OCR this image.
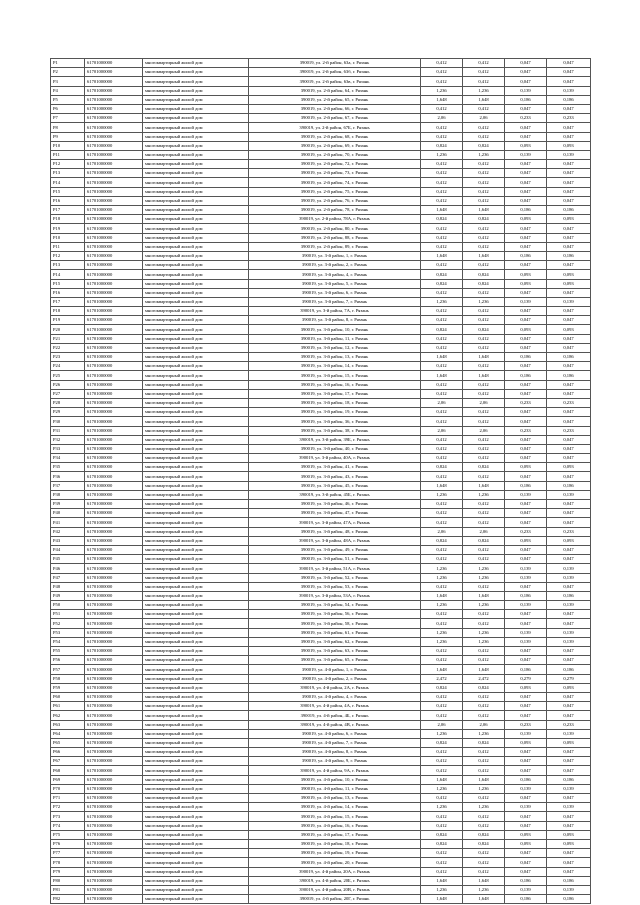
Р1	61701000000	многоквартирный жилой дом	390019, ул. 2-й район, 63а, г. Рязань	0,412	0,412	0,047	0,047
Р2	61701000000	многоквартирный жилой дом	390019, ул. 2-й район, 63б, г. Рязань	0,412	0,412	0,047	0,047
Р3	61701000000	многоквартирный жилой дом	390019, ул. 2-й район, 63в, г. Рязань	0,412	0,412	0,047	0,047
Р4	61701000000	многоквартирный жилой дом	390019, ул. 2-й район, 64, г. Рязань	1,236	1,236	0,139	0,139
Р5	61701000000	многоквартирный жилой дом	390019, ул. 2-й район, 65, г. Рязань	1,648	1,648	0,186	0,186
Р6	61701000000	многоквартирный жилой дом	390019, ул. 2-й район, 66, г. Рязань	0,412	0,412	0,047	0,047
Р7	61701000000	многоквартирный жилой дом	390019, ул. 2-й район, 67, г. Рязань	2,06	2,06	0,233	0,233
Р8	61701000000	многоквартирный жилой дом	390019, ул. 2-й район, 67Б, г. Рязань	0,412	0,412	0,047	0,047
Р9	61701000000	многоквартирный жилой дом	390019, ул. 2-й район, 68, г. Рязань	0,412	0,412	0,047	0,047
Р10	61701000000	многоквартирный жилой дом	390019, ул. 2-й район, 69, г. Рязань	0,824	0,824	0,093	0,093
Р11	61701000000	многоквартирный жилой дом	390019, ул. 2-й район, 70, г. Рязань	1,236	1,236	0,139	0,139
Р12	61701000000	многоквартирный жилой дом	390019, ул. 2-й район, 72, г. Рязань	0,412	0,412	0,047	0,047
Р13	61701000000	многоквартирный жилой дом	390019, ул. 2-й район, 73, г. Рязань	0,412	0,412	0,047	0,047
Р14	61701000000	многоквартирный жилой дом	390019, ул. 2-й район, 74, г. Рязань	0,412	0,412	0,047	0,047
Р15	61701000000	многоквартирный жилой дом	390019, ул. 2-й район, 75, г. Рязань	0,412	0,412	0,047	0,047
Р16	61701000000	многоквартирный жилой дом	390019, ул. 2-й район, 76, г. Рязань	0,412	0,412	0,047	0,047
Р17	61701000000	многоквартирный жилой дом	390019, ул. 2-й район, 78, г. Рязань	1,648	1,648	0,186	0,186
Р18	61701000000	многоквартирный жилой дом	390019, ул. 2-й район, 78А, г. Рязань	0,824	0,824	0,093	0,093
Р19	61701000000	многоквартирный жилой дом	390019, ул. 2-й район, 80, г. Рязань	0,412	0,412	0,047	0,047
Р10	61701000000	многоквартирный жилой дом	390019, ул. 2-й район, 88, г. Рязань	0,412	0,412	0,047	0,047
Р11	61701000000	многоквартирный жилой дом	390019, ул. 2-й район, 89, г. Рязань	0,412	0,412	0,047	0,047
Р12	61701000000	многоквартирный жилой дом	390019, ул. 3-й район, 1, г. Рязань	1,648	1,648	0,186	0,186
Р13	61701000000	многоквартирный жилой дом	390019, ул. 3-й район, 2, г. Рязань	0,412	0,412	0,047	0,047
Р14	61701000000	многоквартирный жилой дом	390019, ул. 3-й район, 4, г. Рязань	0,824	0,824	0,093	0,093
Р15	61701000000	многоквартирный жилой дом	390019, ул. 3-й район, 5, г. Рязань	0,824	0,824	0,093	0,093
Р16	61701000000	многоквартирный жилой дом	390019, ул. 3-й район, 6, г. Рязань	0,412	0,412	0,047	0,047
Р17	61701000000	многоквартирный жилой дом	390019, ул. 3-й район, 7, г. Рязань	1,236	1,236	0,139	0,139
Р18	61701000000	многоквартирный жилой дом	390019, ул. 3-й район, 7А, г. Рязань	0,412	0,412	0,047	0,047
Р19	61701000000	многоквартирный жилой дом	390019, ул. 3-й район, 8, г. Рязань	0,412	0,412	0,047	0,047
Р20	61701000000	многоквартирный жилой дом	390019, ул. 3-й район, 10, г. Рязань	0,824	0,824	0,093	0,093
Р21	61701000000	многоквартирный жилой дом	390019, ул. 3-й район, 11, г. Рязань	0,412	0,412	0,047	0,047
Р22	61701000000	многоквартирный жилой дом	390019, ул. 3-й район, 12, г. Рязань	0,412	0,412	0,047	0,047
Р23	61701000000	многоквартирный жилой дом	390019, ул. 3-й район, 13, г. Рязань	1,648	1,648	0,186	0,186
Р24	61701000000	многоквартирный жилой дом	390019, ул. 3-й район, 14, г. Рязань	0,412	0,412	0,047	0,047
Р25	61701000000	многоквартирный жилой дом	390019, ул. 3-й район, 15, г. Рязань	1,648	1,648	0,186	0,186
Р26	61701000000	многоквартирный жилой дом	390019, ул. 3-й район, 16, г. Рязань	0,412	0,412	0,047	0,047
Р27	61701000000	многоквартирный жилой дом	390019, ул. 3-й район, 17, г. Рязань	0,412	0,412	0,047	0,047
Р28	61701000000	многоквартирный жилой дом	390019, ул. 3-й район, 18, г. Рязань	2,06	2,06	0,233	0,233
Р29	61701000000	многоквартирный жилой дом	390019, ул. 3-й район, 19, г. Рязань	0,412	0,412	0,047	0,047
Р30	61701000000	многоквартирный жилой дом	390019, ул. 3-й район, 36, г. Рязань	0,412	0,412	0,047	0,047
Р31	61701000000	многоквартирный жилой дом	390019, ул. 3-й район, 38, г. Рязань	2,06	2,06	0,233	0,233
Р32	61701000000	многоквартирный жилой дом	390019, ул. 3-й район, 39Б, г. Рязань	0,412	0,412	0,047	0,047
Р33	61701000000	многоквартирный жилой дом	390019, ул. 3-й район, 40, г. Рязань	0,412	0,412	0,047	0,047
Р34	61701000000	многоквартирный жилой дом	390019, ул. 3-й район, 40А, г. Рязань	0,412	0,412	0,047	0,047
Р35	61701000000	многоквартирный жилой дом	390019, ул. 3-й район, 41, г. Рязань	0,824	0,824	0,093	0,093
Р36	61701000000	многоквартирный жилой дом	390019, ул. 3-й район, 43, г. Рязань	0,412	0,412	0,047	0,047
Р37	61701000000	многоквартирный жилой дом	390019, ул. 3-й район, 45, г. Рязань	1,648	1,648	0,186	0,186
Р38	61701000000	многоквартирный жилой дом	390019, ул. 3-й район, 45Б, г. Рязань	1,236	1,236	0,139	0,139
Р39	61701000000	многоквартирный жилой дом	390019, ул. 3-й район, 46, г. Рязань	0,412	0,412	0,047	0,047
Р40	61701000000	многоквартирный жилой дом	390019, ул. 3-й район, 47, г. Рязань	0,412	0,412	0,047	0,047
Р41	61701000000	многоквартирный жилой дом	390019, ул. 3-й район, 47А, г. Рязань	0,412	0,412	0,047	0,047
Р42	61701000000	многоквартирный жилой дом	390019, ул. 3-й район, 48, г. Рязань	2,06	2,06	0,233	0,233
Р43	61701000000	многоквартирный жилой дом	390019, ул. 3-й район, 48А, г. Рязань	0,824	0,824	0,093	0,093
Р44	61701000000	многоквартирный жилой дом	390019, ул. 3-й район, 49, г. Рязань	0,412	0,412	0,047	0,047
Р45	61701000000	многоквартирный жилой дом	390019, ул. 3-й район, 51, г. Рязань	0,412	0,412	0,047	0,047
Р46	61701000000	многоквартирный жилой дом	390019, ул. 3-й район, 51А, г. Рязань	1,236	1,236	0,139	0,139
Р47	61701000000	многоквартирный жилой дом	390019, ул. 3-й район, 52, г. Рязань	1,236	1,236	0,139	0,139
Р48	61701000000	многоквартирный жилой дом	390019, ул. 3-й район, 53, г. Рязань	0,412	0,412	0,047	0,047
Р49	61701000000	многоквартирный жилой дом	390019, ул. 3-й район, 53А, г. Рязань	1,648	1,648	0,186	0,186
Р50	61701000000	многоквартирный жилой дом	390019, ул. 3-й район, 54, г. Рязань	1,236	1,236	0,139	0,139
Р51	61701000000	многоквартирный жилой дом	390019, ул. 3-й район, 56, г. Рязань	0,412	0,412	0,047	0,047
Р52	61701000000	многоквартирный жилой дом	390019, ул. 3-й район, 58, г. Рязань	0,412	0,412	0,047	0,047
Р53	61701000000	многоквартирный жилой дом	390019, ул. 3-й район, 61, г. Рязань	1,236	1,236	0,139	0,139
Р54	61701000000	многоквартирный жилой дом	390019, ул. 3-й район, 62, г. Рязань	1,236	1,236	0,139	0,139
Р55	61701000000	многоквартирный жилой дом	390019, ул. 3-й район, 63, г. Рязань	0,412	0,412	0,047	0,047
Р56	61701000000	многоквартирный жилой дом	390019, ул. 3-й район, 65, г. Рязань	0,412	0,412	0,047	0,047
Р57	61701000000	многоквартирный жилой дом	390019, ул. 4-й район, 1, г. Рязань	1,648	1,648	0,186	0,186
Р58	61701000000	многоквартирный жилой дом	390019, ул. 4-й район, 2, г. Рязань	2,472	2,472	0,279	0,279
Р59	61701000000	многоквартирный жилой дом	390019, ул. 4-й район, 2А, г. Рязань	0,824	0,824	0,093	0,093
Р60	61701000000	многоквартирный жилой дом	390019, ул. 4-й район, 4, г. Рязань	0,412	0,412	0,047	0,047
Р61	61701000000	многоквартирный жилой дом	390019, ул. 4-й район, 4А, г. Рязань	0,412	0,412	0,047	0,047
Р62	61701000000	многоквартирный жилой дом	390019, ул. 4-й район, 4Б, г. Рязань	0,412	0,412	0,047	0,047
Р63	61701000000	многоквартирный жилой дом	390019, ул. 4-й район, 4В, г. Рязань	2,06	2,06	0,233	0,233
Р64	61701000000	многоквартирный жилой дом	390019, ул. 4-й район, 6, г. Рязань	1,236	1,236	0,139	0,139
Р65	61701000000	многоквартирный жилой дом	390019, ул. 4-й район, 7, г. Рязань	0,824	0,824	0,093	0,093
Р66	61701000000	многоквартирный жилой дом	390019, ул. 4-й район, 8, г. Рязань	0,412	0,412	0,047	0,047
Р67	61701000000	многоквартирный жилой дом	390019, ул. 4-й район, 9, г. Рязань	0,412	0,412	0,047	0,047
Р68	61701000000	многоквартирный жилой дом	390019, ул. 4-й район, 9А, г. Рязань	0,412	0,412	0,047	0,047
Р69	61701000000	многоквартирный жилой дом	390019, ул. 4-й район, 10, г. Рязань	1,648	1,648	0,186	0,186
Р70	61701000000	многоквартирный жилой дом	390019, ул. 4-й район, 11, г. Рязань	1,236	1,236	0,139	0,139
Р71	61701000000	многоквартирный жилой дом	390019, ул. 4-й район, 13, г. Рязань	0,412	0,412	0,047	0,047
Р72	61701000000	многоквартирный жилой дом	390019, ул. 4-й район, 14, г. Рязань	1,236	1,236	0,139	0,139
Р73	61701000000	многоквартирный жилой дом	390019, ул. 4-й район, 15, г. Рязань	0,412	0,412	0,047	0,047
Р74	61701000000	многоквартирный жилой дом	390019, ул. 4-й район, 16, г. Рязань	0,412	0,412	0,047	0,047
Р75	61701000000	многоквартирный жилой дом	390019, ул. 4-й район, 17, г. Рязань	0,824	0,824	0,093	0,093
Р76	61701000000	многоквартирный жилой дом	390019, ул. 4-й район, 18, г. Рязань	0,824	0,824	0,093	0,093
Р77	61701000000	многоквартирный жилой дом	390019, ул. 4-й район, 19, г. Рязань	0,412	0,412	0,047	0,047
Р78	61701000000	многоквартирный жилой дом	390019, ул. 4-й район, 20, г. Рязань	0,412	0,412	0,047	0,047
Р79	61701000000	многоквартирный жилой дом	390019, ул. 4-й район, 20А, г. Рязань	0,412	0,412	0,047	0,047
Р80	61701000000	многоквартирный жилой дом	390019, ул. 4-й район, 20Б, г. Рязань	1,648	1,648	0,186	0,186
Р81	61701000000	многоквартирный жилой дом	390019, ул. 4-й район, 20В, г. Рязань	1,236	1,236	0,139	0,139
Р82	61701000000	многоквартирный жилой дом	390019, ул. 4-й район, 20Г, г. Рязань	1,648	1,648	0,186	0,186
